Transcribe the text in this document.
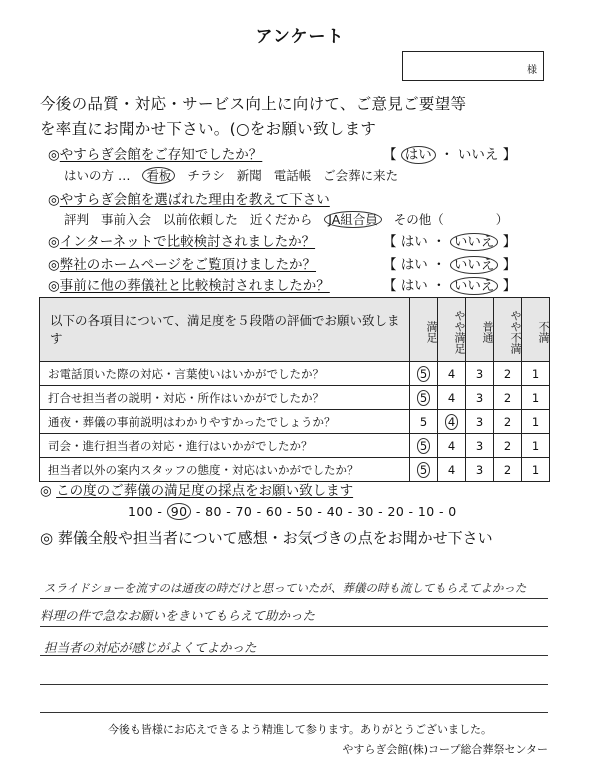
アンケート
様
今後の品質・対応・サービス向上に向けて、ご意見ご要望等
を率直にお聞かせ下さい。(○をお願い致します
◎やすらぎ会館をご存知でしたか？	【 はい ・ いいえ 】
はいの方 … 看板 チラシ 新聞 電話帳 ご会葬に来た
◎やすらぎ会館を選ばれた理由を教えて下さい
評判 事前入会 以前依頼した 近くだから JA組合員 その他（	）
◎インターネットで比較検討されましたか？	【 はい ・ いいえ 】
◎弊社のホームページをご覧頂けましたか？	【 はい ・ いいえ 】
◎事前に他の葬儀社と比較検討されましたか？	【 はい ・ いいえ 】
以下の各項目について、満足度を５段階の評価でお願い致します	満足	やや満足	普通	やや不満	不満
お電話頂いた際の対応・言葉使いはいかがでしたか？	5	4	3	2	1
打合せ担当者の説明・対応・所作はいかがでしたか？	5	4	3	2	1
通夜・葬儀の事前説明はわかりやすかったでしょうか？	5	4	3	2	1
司会・進行担当者の対応・進行はいかがでしたか？	5	4	3	2	1
担当者以外の案内スタッフの態度・対応はいかがでしたか？	5	4	3	2	1
◎ この度のご葬儀の満足度の採点をお願い致します
100 - 90 - 80 - 70 - 60 - 50 - 40 - 30 - 20 - 10 - 0
◎ 葬儀全般や担当者について感想・お気づきの点をお聞かせ下さい
スライドショーを流すのは通夜の時だけと思っていたが、葬儀の時も流してもらえてよかった
料理の件で急なお願いをきいてもらえて助かった
担当者の対応が感じがよくてよかった
今後も皆様にお応えできるよう精進して参ります。ありがとうございました。
やすらぎ会館(株)コープ総合葬祭センター
